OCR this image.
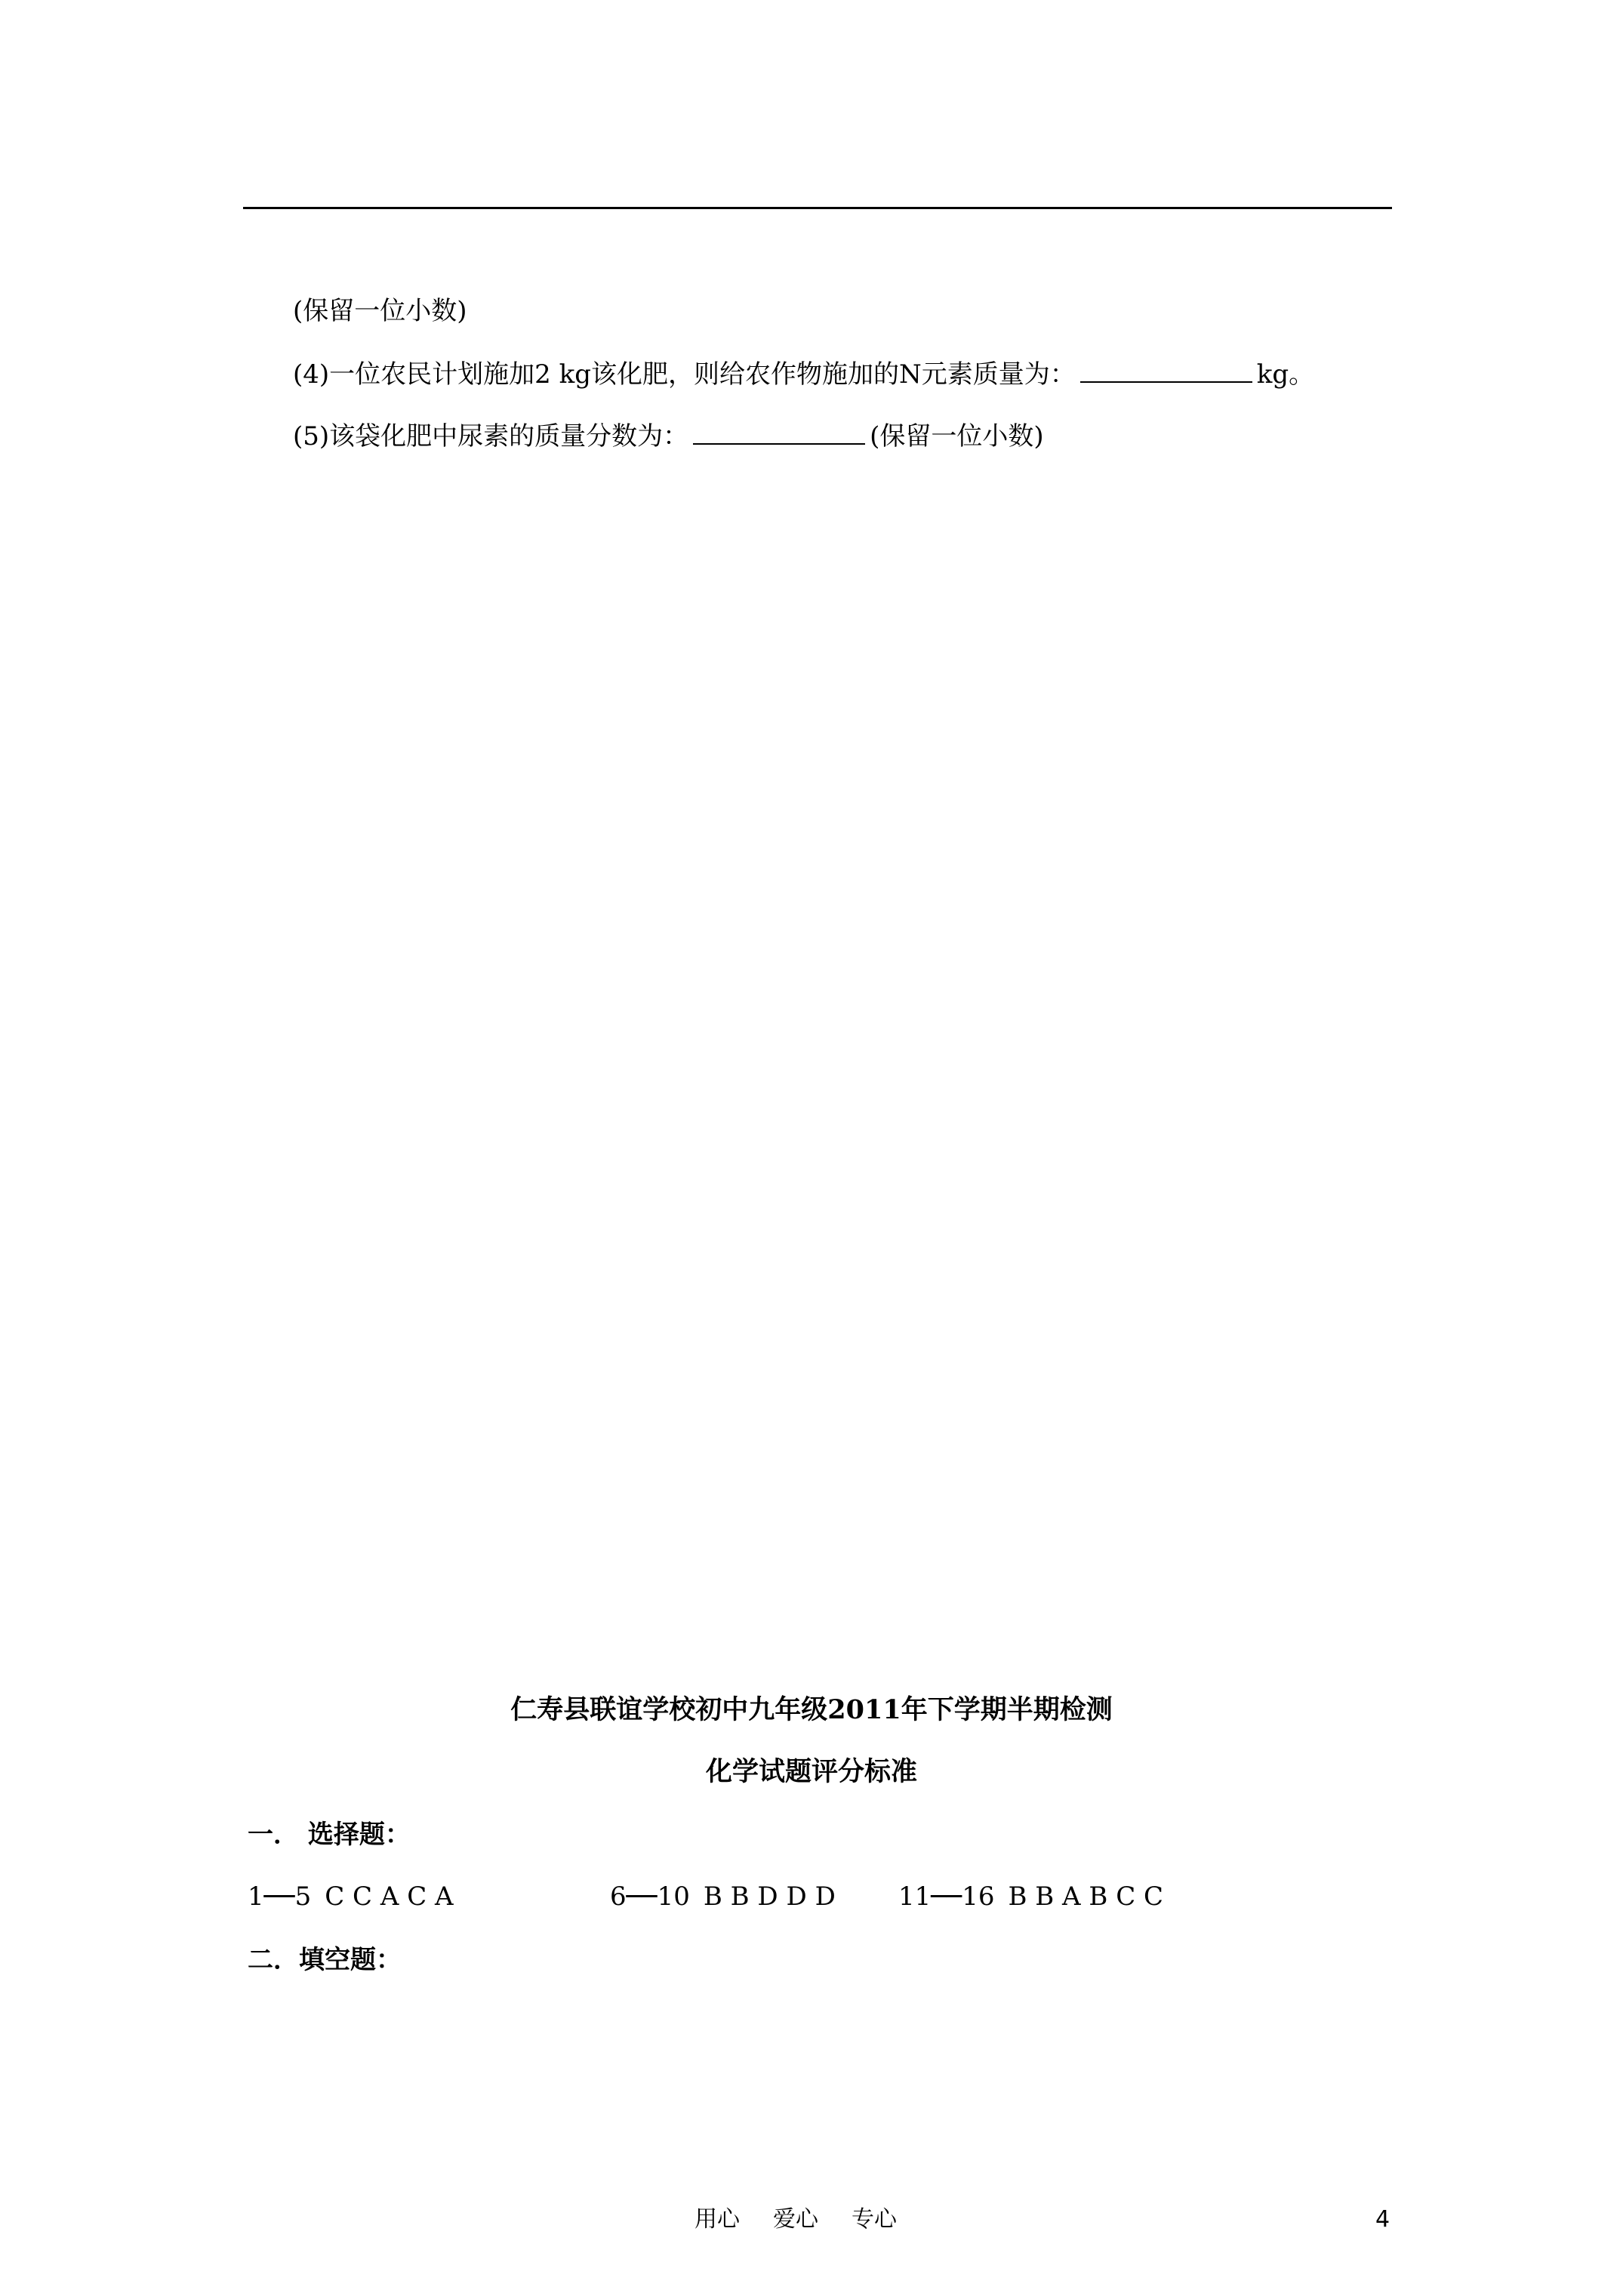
(保留一位小数)
(4)一位农民计划施加2 kg该化肥，则给农作物施加的N元素质量为：	kg。
(5)该袋化肥中尿素的质量分数为：	(保留一位小数)
仁寿县联谊学校初中九年级2011年下学期半期检测
化学试题评分标准
一． 选择题：
1──5 C C A C A	6──10 B B D D D	11──16 B B A B C C
二．填空题：
用心 爱心 专心	4
